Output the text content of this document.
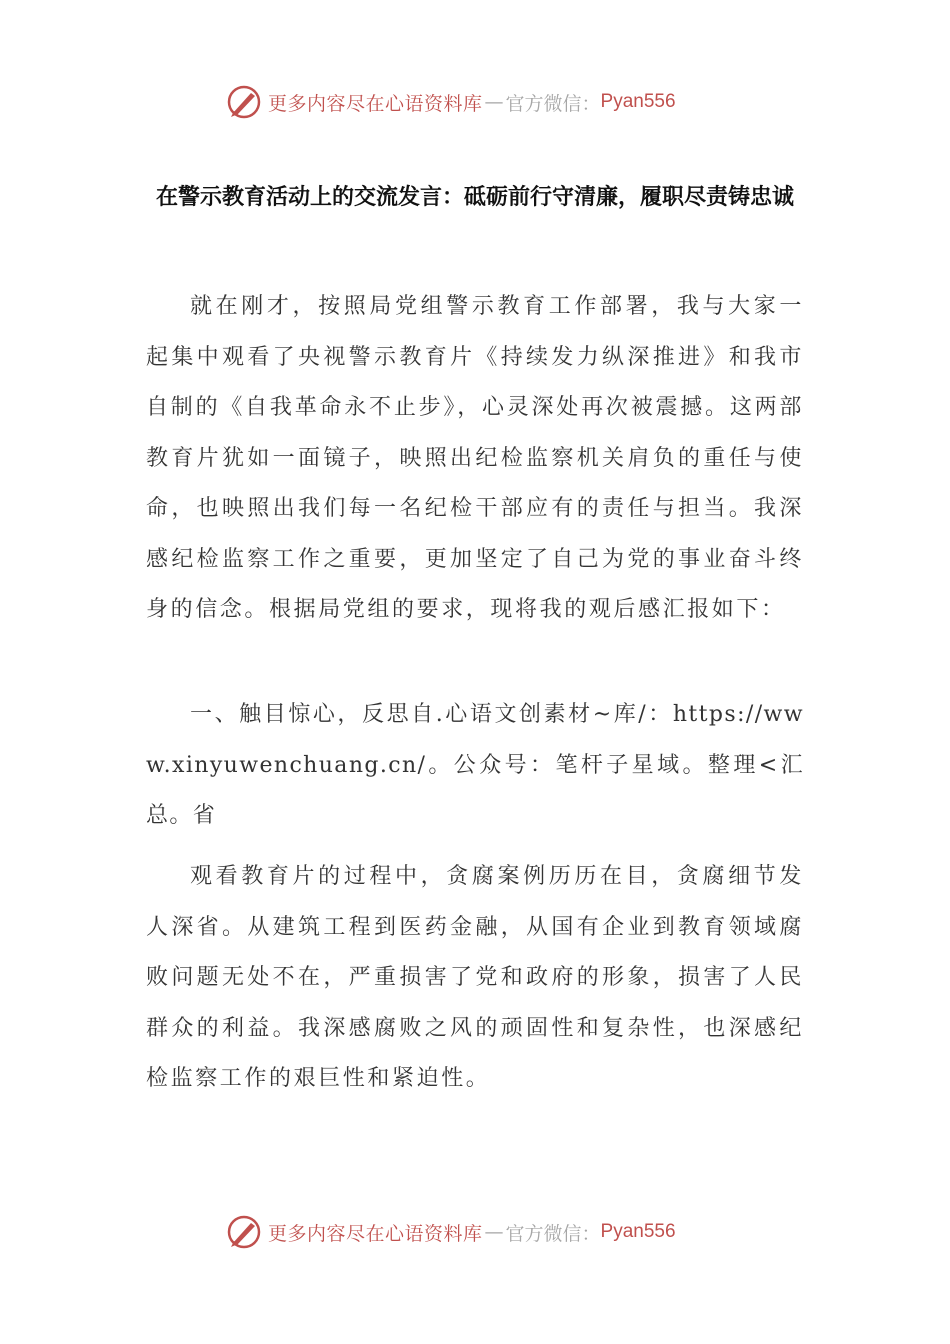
更多内容尽在心语资料库 — 官方微信： Pyan556
在警示教育活动上的交流发言：砥砺前行守清廉，履职尽责铸忠诚

就在刚才，按照局党组警示教育工作部署，我与大家一起集中观看了央视警示教育片《持续发力纵深推进》和我市自制的《自我革命永不止步》，心灵深处再次被震撼。这两部教育片犹如一面镜子，映照出纪检监察机关肩负的重任与使命，也映照出我们每一名纪检干部应有的责任与担当。我深感纪检监察工作之重要，更加坚定了自己为党的事业奋斗终身的信念。根据局党组的要求，现将我的观后感汇报如下：

一、触目惊心，反思自.心语文创素材~库/：https://www.xinyuwenchuang.cn/。公众号：笔杆子星域。整理<汇总。省

观看教育片的过程中，贪腐案例历历在目，贪腐细节发人深省。从建筑工程到医药金融，从国有企业到教育领域腐败问题无处不在，严重损害了党和政府的形象，损害了人民群众的利益。我深感腐败之风的顽固性和复杂性，也深感纪检监察工作的艰巨性和紧迫性。

更多内容尽在心语资料库 — 官方微信： Pyan556
